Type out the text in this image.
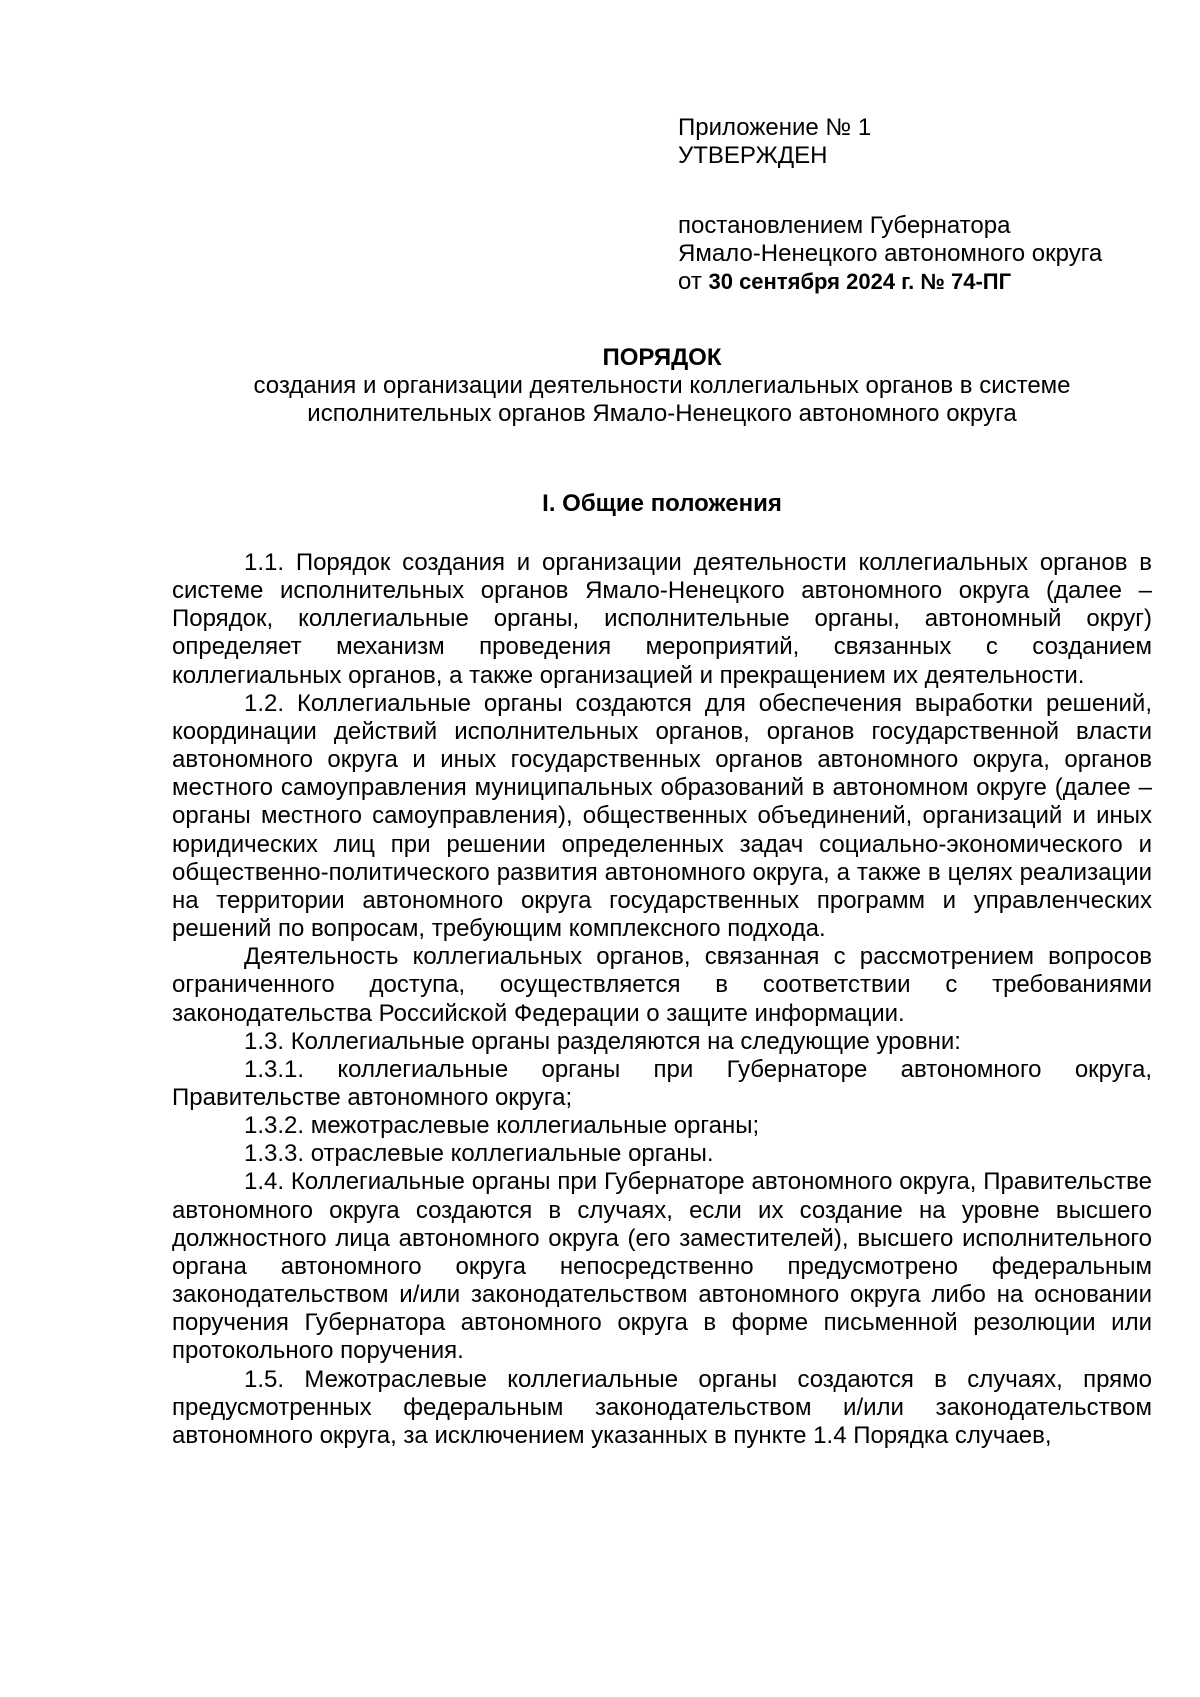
Приложение № 1
УТВЕРЖДЕН
постановлением Губернатора
Ямало-Ненецкого автономного округа
от 30 сентября 2024 г. № 74-ПГ
ПОРЯДОК
создания и организации деятельности коллегиальных органов в системе
исполнительных органов Ямало-Ненецкого автономного округа
I. Общие положения

1.1. Порядок создания и организации деятельности коллегиальных органов в системе исполнительных органов Ямало-Ненецкого автономного округа (далее – Порядок, коллегиальные органы, исполнительные органы, автономный округ) определяет механизм проведения мероприятий, связанных с созданием коллегиальных органов, а также организацией и прекращением их деятельности.

1.2. Коллегиальные органы создаются для обеспечения выработки решений, координации действий исполнительных органов, органов государственной власти автономного округа и иных государственных органов автономного округа, органов местного самоуправления муниципальных образований в автономном округе (далее – органы местного самоуправления), общественных объединений, организаций и иных юридических лиц при решении определенных задач социально-экономического и общественно-политического развития автономного округа, а также в целях реализации на территории автономного округа государственных программ и управленческих решений по вопросам, требующим комплексного подхода.

Деятельность коллегиальных органов, связанная с рассмотрением вопросов ограниченного доступа, осуществляется в соответствии с требованиями законодательства Российской Федерации о защите информации.

1.3. Коллегиальные органы разделяются на следующие уровни:

1.3.1. коллегиальные органы при Губернаторе автономного округа, Правительстве автономного округа;

1.3.2. межотраслевые коллегиальные органы;

1.3.3. отраслевые коллегиальные органы.

1.4. Коллегиальные органы при Губернаторе автономного округа, Правительстве автономного округа создаются в случаях, если их создание на уровне высшего должностного лица автономного округа (его заместителей), высшего исполнительного органа автономного округа непосредственно предусмотрено федеральным законодательством и/или законодательством автономного округа либо на основании поручения Губернатора автономного округа в форме письменной резолюции или протокольного поручения.

1.5. Межотраслевые коллегиальные органы создаются в случаях, прямо предусмотренных федеральным законодательством и/или законодательством автономного округа, за исключением указанных в пункте 1.4 Порядка случаев,
